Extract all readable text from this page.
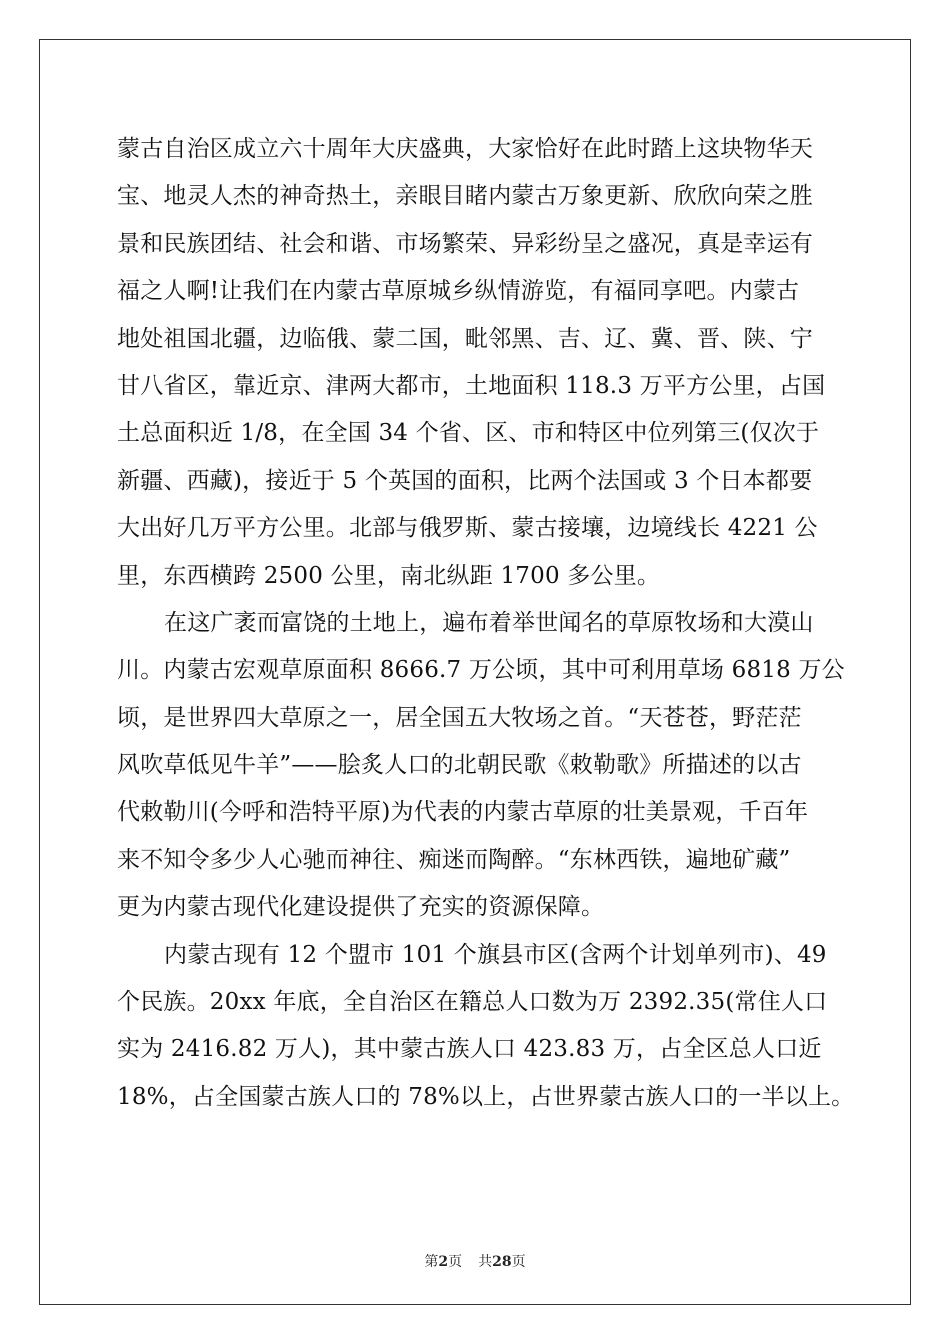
蒙古自治区成立六十周年大庆盛典，大家恰好在此时踏上这块物华天
宝、地灵人杰的神奇热土，亲眼目睹内蒙古万象更新、欣欣向荣之胜
景和民族团结、社会和谐、市场繁荣、异彩纷呈之盛况，真是幸运有
福之人啊!让我们在内蒙古草原城乡纵情游览，有福同享吧。内蒙古
地处祖国北疆，边临俄、蒙二国，毗邻黑、吉、辽、冀、晋、陕、宁
甘八省区，靠近京、津两大都市，土地面积 118.3 万平方公里，占国
土总面积近 1/8，在全国 34 个省、区、市和特区中位列第三(仅次于
新疆、西藏)，接近于 5 个英国的面积，比两个法国或 3 个日本都要
大出好几万平方公里。北部与俄罗斯、蒙古接壤，边境线长 4221 公
里，东西横跨 2500 公里，南北纵距 1700 多公里。
在这广袤而富饶的土地上，遍布着举世闻名的草原牧场和大漠山
川。内蒙古宏观草原面积 8666.7 万公顷，其中可利用草场 6818 万公
顷，是世界四大草原之一，居全国五大牧场之首。“天苍苍，野茫茫
风吹草低见牛羊”——脍炙人口的北朝民歌《敕勒歌》所描述的以古
代敕勒川(今呼和浩特平原)为代表的内蒙古草原的壮美景观，千百年
来不知令多少人心驰而神往、痴迷而陶醉。“东林西铁，遍地矿藏”
更为内蒙古现代化建设提供了充实的资源保障。
内蒙古现有 12 个盟市 101 个旗县市区(含两个计划单列市)、49
个民族。20xx 年底，全自治区在籍总人口数为万 2392.35(常住人口
实为 2416.82 万人)，其中蒙古族人口 423.83 万，占全区总人口近
18%，占全国蒙古族人口的 78%以上，占世界蒙古族人口的一半以上。
第2页 共28页
